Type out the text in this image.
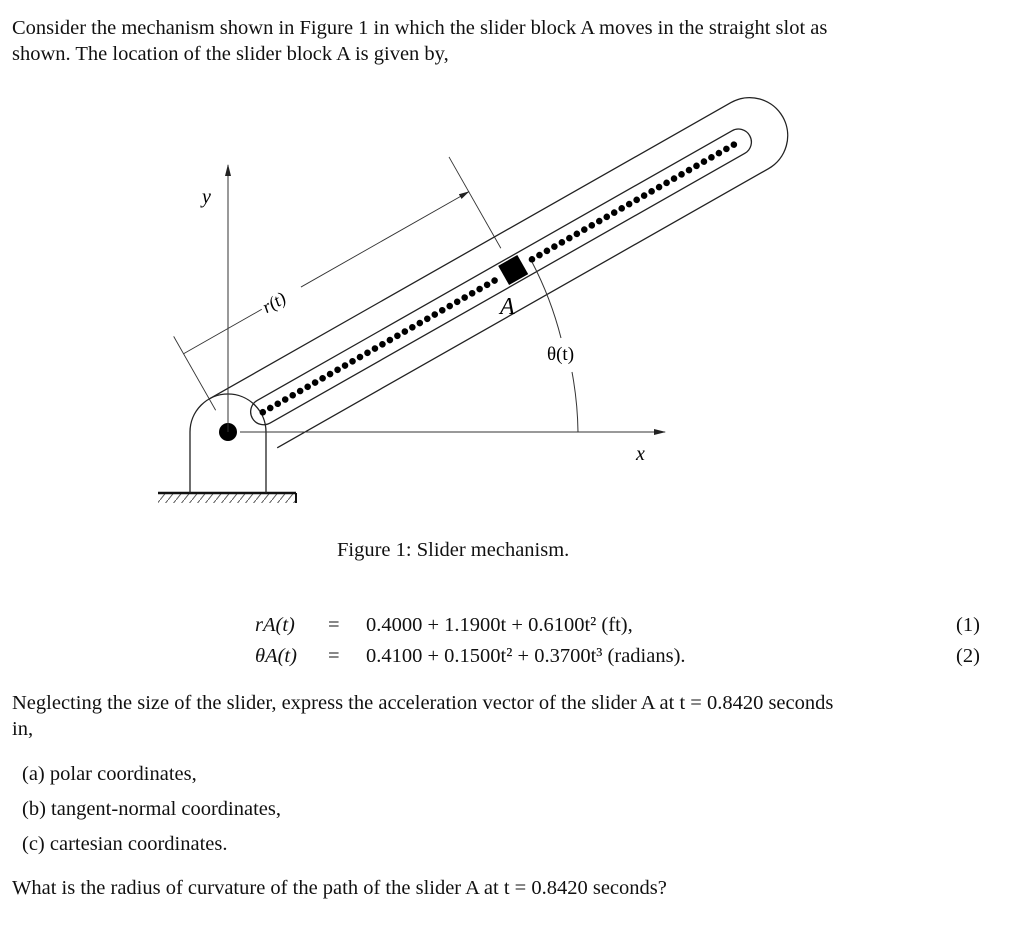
Consider the mechanism shown in Figure 1 in which the slider block A moves in the straight slot as
shown. The location of the slider block A is given by,
r(t)
y
x
θ(t)
A
Figure 1: Slider mechanism.
rA(t) = 0.4000 + 1.1900t + 0.6100t² (ft),	(1)
θA(t) = 0.4100 + 0.1500t² + 0.3700t³ (radians).	(2)
Neglecting the size of the slider, express the acceleration vector of the slider A at t = 0.8420 seconds
in,
(a) polar coordinates,
(b) tangent-normal coordinates,
(c) cartesian coordinates.
What is the radius of curvature of the path of the slider A at t = 0.8420 seconds?
